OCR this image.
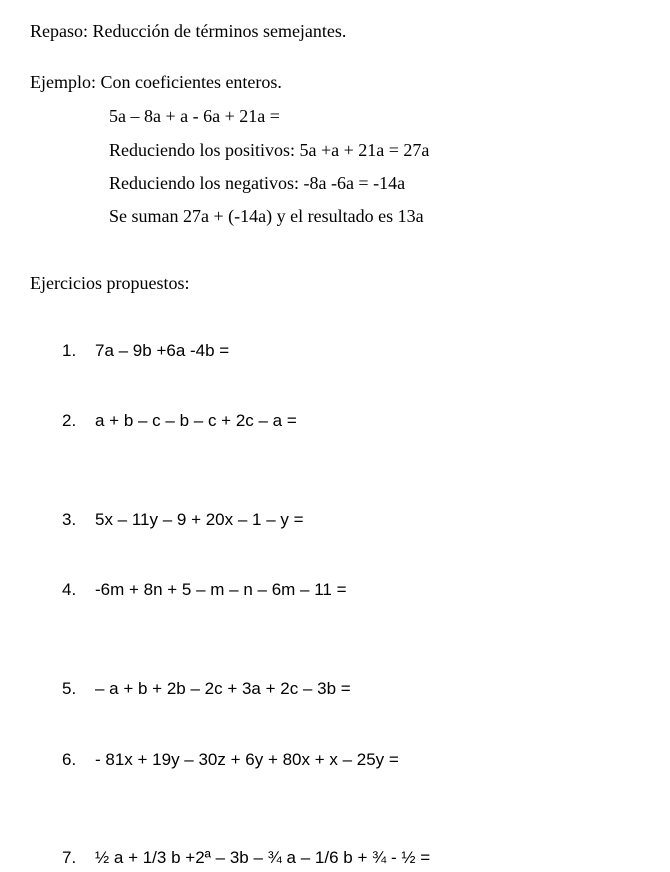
Repaso: Reducción de términos semejantes.
Ejemplo: Con coeficientes enteros.
5a – 8a + a - 6a + 21a =
Reduciendo los positivos: 5a +a + 21a = 27a
Reduciendo los negativos: -8a -6a = -14a
Se suman 27a + (-14a) y el resultado es 13a
Ejercicios propuestos:
1.	7a – 9b +6a -4b =
2.	a + b – c – b – c + 2c – a =
3.	5x – 11y – 9 + 20x – 1 – y =
4.	-6m + 8n + 5 – m – n – 6m – 11 =
5.	– a + b + 2b – 2c + 3a + 2c – 3b =
6.	- 81x + 19y – 30z + 6y + 80x + x – 25y =
7.	½ a + 1/3 b +2ª – 3b – ¾ a – 1/6 b + ¾ - ½ =
